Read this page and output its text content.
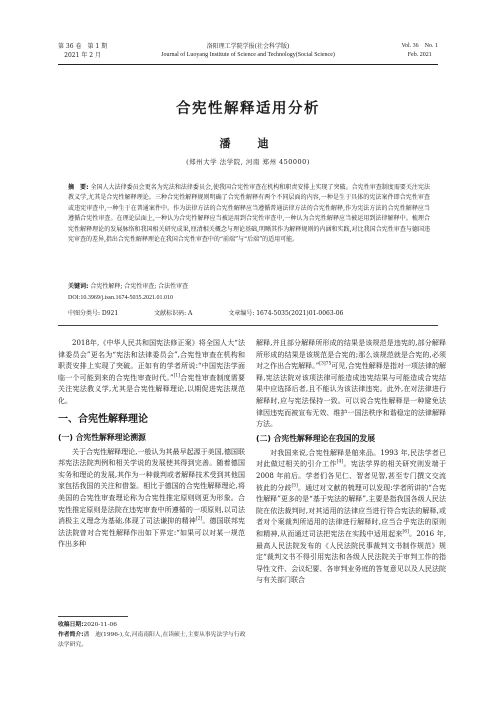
第 36 卷　第 1 期
2021 年 2 月
洛阳理工学院学报(社会科学版)
Journal of Luoyang Institute of Science and Technology(Social Science)
Vol. 36　No. 1
Feb. 2021
合宪性解释适用分析
潘　迪
(郑州大学 法学院, 河南 郑州 450000)
摘　要: 全国人大法律委员会更名为宪法和法律委员会,使我国合宪性审查在机构和职责安排上实现了突破。合宪性审查制度需要关注宪法教义学,尤其是合宪性解释理论。三种合宪性解释规则明确了合宪性解释有两个不同层面的内容,一种是生于具体的宪法案件即合宪性审查或违宪审查中,一种生于在普通案件中。作为法律方法的合宪性解释应当遵循普通法律方法的合宪性解释,作为宪法方法的合宪性解释应当遵循合宪性审查。在理论层面上,一种认为合宪性解释应当被运用到合宪性审查中,一种认为合宪性解释应当被运用到法律解释中。梳理合宪性解释理论的发展脉络和我国相关研究成果,厘清相关概念与理论基础,明晰其作为解释规则的内涵和实践,对比我国合宪性审查与德国违宪审查的差异,指出合宪性解释理论在我国合宪性审查中的“前端”与“后端”的适用可能。
关键词: 合宪性解释; 合宪性审查; 合法性审查
DOI:10.3969/j.issn.1674-5035.2021.01.010
中图分类号: D921	文献标识码: A	文章编号: 1674-5035(2021)01-0063-06

2018年,《中华人民共和国宪法修正案》将全国人大“法律委员会”更名为“宪法和法律委员会”,合宪性审查在机构和职责安排上实现了突破。正如有的学者所说:“中国宪法学面临一个可能到来的合宪性审查时代。”[1]合宪性审查制度需要关注宪法教义学,尤其是合宪性解释理论,以期促进宪法规范化。

一、合宪性解释理论
(一) 合宪性解释理论溯源

关于合宪性解释理论,一般认为其最早起源于美国,德国联邦宪法法院判例和相关学说的发展使其得到完善。随着德国实务和理论的发展,其作为一种裁判或者解释技术受到其他国家包括我国的关注和借鉴。相比于德国的合宪性解释理论,将美国的合宪性审查理论称为合宪性推定原则则更为形象。合宪性推定原则是法院在违宪审查中所遵循的一项原则,以司法消极主义理念为基础,体现了司法谦抑的精神[2]。德国联邦宪法法院曾对合宪性解释作出如下界定:“如果可以对某一规范作出多种

解释,并且部分解释所形成的结果是该规范是违宪的,部分解释所形成的结果是该规范是合宪的;那么该规范就是合宪的,必须对之作出合宪解释。”$^{[3]75}$可见,合宪性解释是指对一项法律的解释,宪法法院对该项法律可能造成违宪结果与可能造成合宪结果中应选择后者,且不能认为该法律违宪。此外,在对法律进行解释时,应与宪法保持一致。可以说合宪性解释是一种避免法律因违宪而被宣布无效、维护一国法秩序和谐稳定的法律解释方法。

(二) 合宪性解释理论在我国的发展

对我国来说,合宪性解释是舶来品。1993 年,民法学者已对此做过相关的引介工作[4]。宪法学界的相关研究则发端于 2008 年前后。学者们各见仁、智者见智,甚至专门撰文交流彼此的分歧[5]。通过对文献的梳理可以发现:学者所讲的“合宪性解释”更多的是“基于宪法的解释”,主要是指我国各级人民法院在依法裁判时,对其适用的法律应当进行符合宪法的解释,或者对个案裁判所适用的法律进行解释时,应当合乎宪法的原则和精神,从而通过司法把宪法在实践中适用起来[6]。2016 年,最高人民法院发布的《人民法院民事裁判文书制作规范》规定“裁判文书不得引用宪法和各级人民法院关于审判工作的指导性文件、会议纪要、各审判业务庭的答复意见以及人民法院与有关部门联合

收稿日期:2020-11-06
作者简介:潘　迪(1996-),女,河南南阳人,在读硕士,主要从事宪法学与行政法学研究。
